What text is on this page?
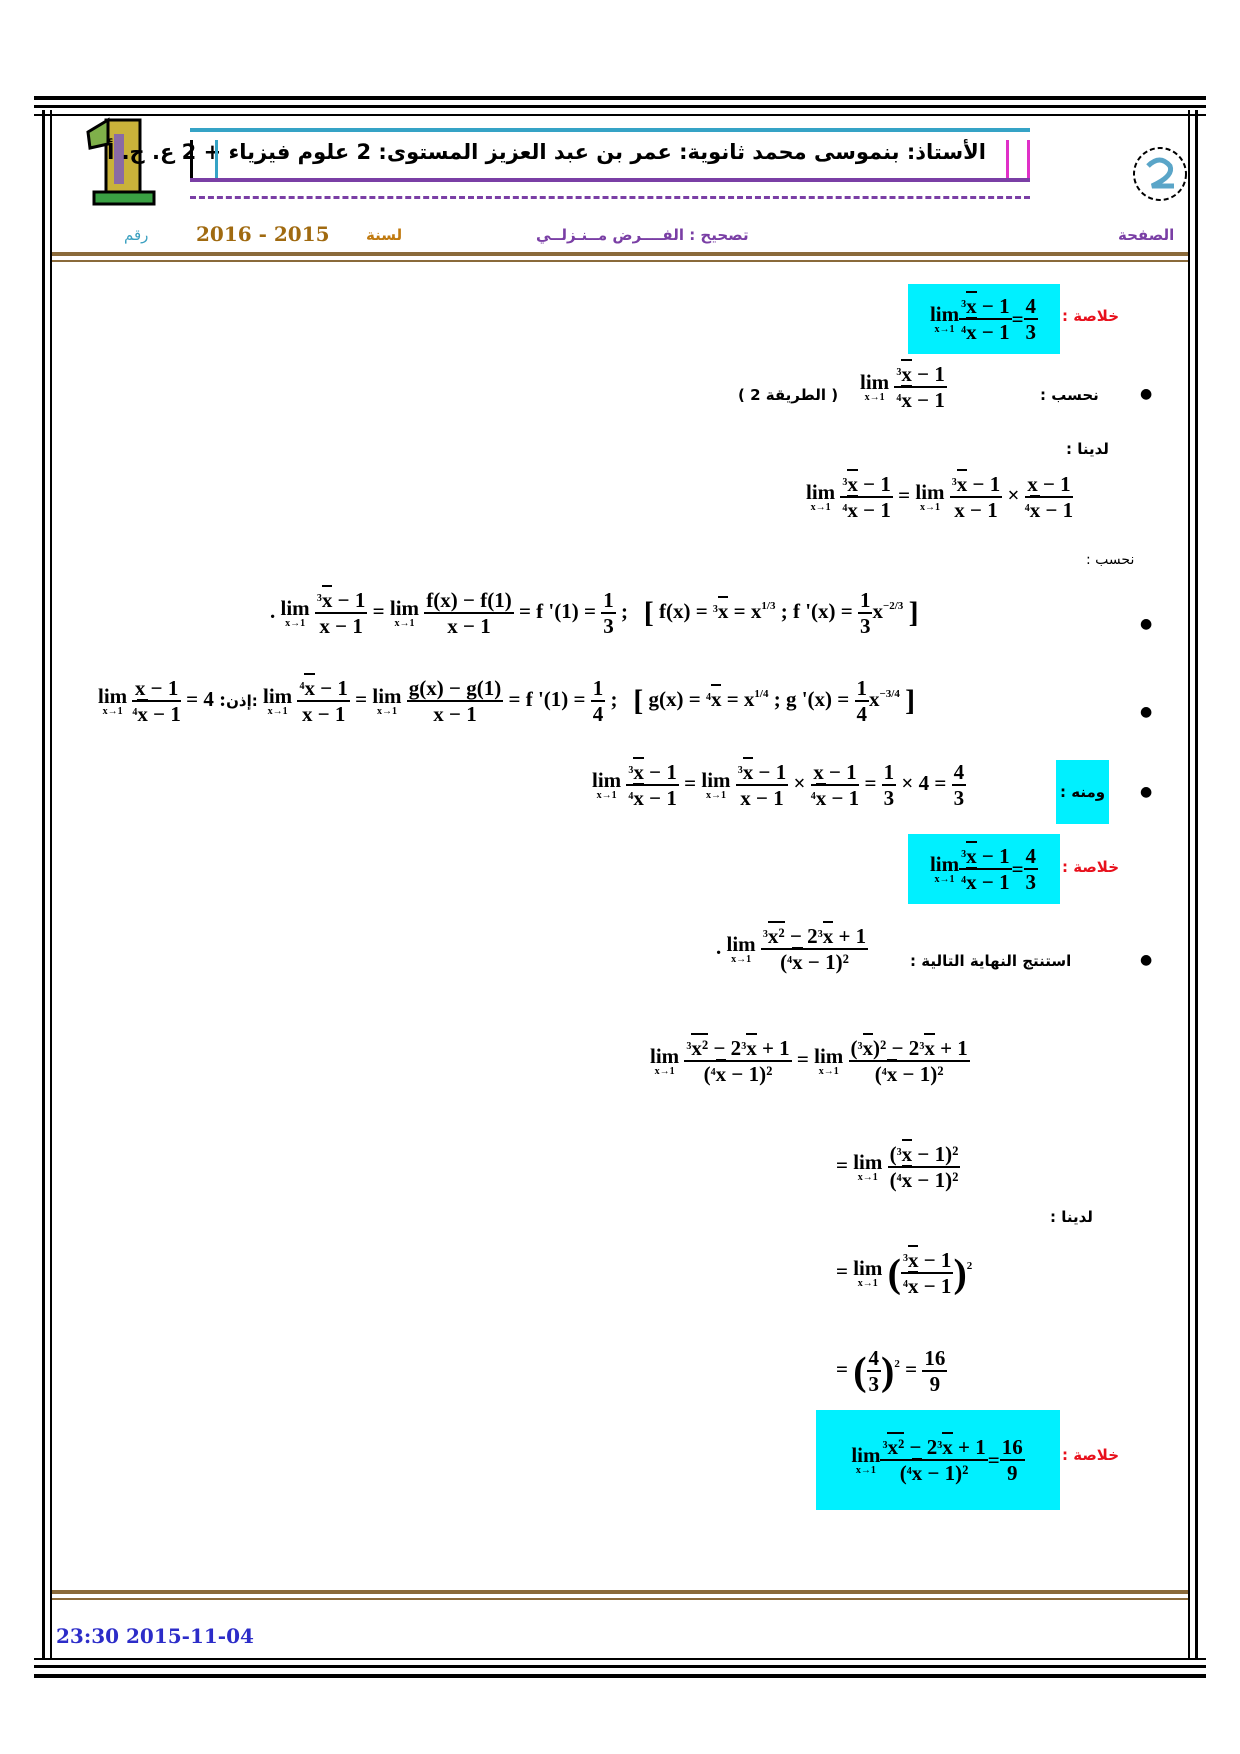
الأستاذ: بنموسى محمد ثانوية: عمر بن عبد العزيز المستوى: 2 علوم فيزياء + 2 ع. ح. أ
الصفحة
تصحيح : الفــــرض مــنـزلــي
لسنة
2016 - 2015
رقم
خلاصة :
lim
$x\to 1 \frac{^3x - 1}{^4x - 1} = \frac{4}{3}$
●
نحسب :
lim
x→1
$\frac{^3x - 1}{^4x - 1}$
( الطريقة 2 )
لدينا :
lim
x→1
$\frac{^3x - 1}{^4x - 1} = \lim$
x→1
$\frac{^3x - 1}{x - 1} \times \frac{x - 1}{^4x - 1}$
نحسب :
●
. lim
x→1
$\frac{^3x - 1}{x - 1} = \lim$
x→1
$\frac{f(x) - f(1)}{x - 1} = f$ '$(1) = \frac{1}{3}$ ;   [ $f(x) = ^3x = x^{1/3}$ ; f '$(x) = \frac{1}{3} x^{-2/3}$ ]
●
lim
x→1
$\frac{x - 1}{^4x - 1} = 4$ :إذن: lim
x→1
$\frac{^4x - 1}{x - 1} = \lim$
x→1
$\frac{g(x) - g(1)}{x - 1} = f$ '$(1) = \frac{1}{4}$ ;   [ $g(x) = ^4x = x^{1/4}$ ; g '$(x) = \frac{1}{4} x^{-3/4}$ ]
●
ومنه :
lim
x→1
$\frac{^3x - 1}{^4x - 1} = \lim$
x→1
$\frac{^3x - 1}{x - 1} \times \frac{x - 1}{^4x - 1} = \frac{1}{3} \times 4 = \frac{4}{3}$
خلاصة :
lim
$x\to 1 \frac{^3x - 1}{^4x - 1} = \frac{4}{3}$
●
استنتج النهاية التالية :
. lim
x→1
$\frac{^3x^2 - 2^3x + 1}{(^4x - 1)^2}$
lim
x→1
$\frac{^3x^2 - 2^3x + 1}{(^4x - 1)^2} = \lim$
x→1
$\frac{(^3x)^2 - 2^3x + 1}{(^4x - 1)^2}$
= lim
x→1
$\frac{(^3x - 1)^2}{(^4x - 1)^2}$
لدينا :
= lim
x→1 ( $\frac{^3x - 1}{^4x - 1} )^2$
= ( $\frac{4}{3} )^2 = \frac{16}{9}$
خلاصة :
lim
$x\to 1 \frac{^3x^2 - 2^3x + 1}{(^4x - 1)^2} = \frac{16}{9}$
23:30 2015-11-04
